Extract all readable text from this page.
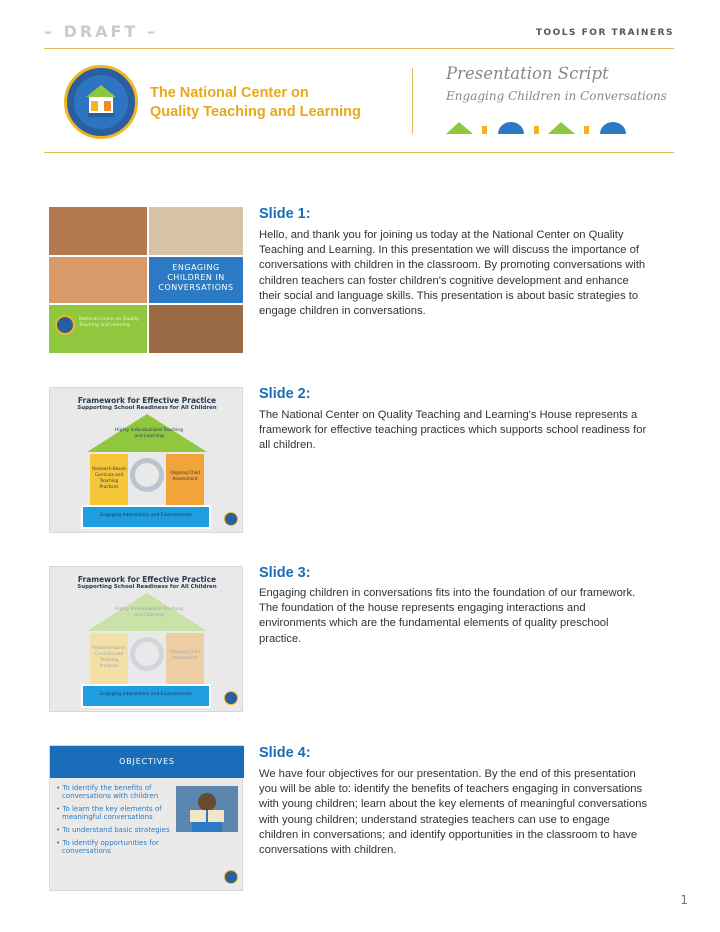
– DRAFT –	TOOLS FOR TRAINERS
The National Center on
Quality Teaching and Learning
Presentation Script
Engaging Children in Conversations
ENGAGING CHILDREN IN CONVERSATIONS
National Center on Quality Teaching and Learning
Slide 1:
Hello, and thank you for joining us today at the National Center on Quality Teaching and Learning. In this presentation we will discuss the importance of conversations with children in the classroom. By promoting conversations with children teachers can foster children's cognitive development and enhance their social and language skills. This presentation is about basic strategies to engage children in conversations.
Framework for Effective Practice
Supporting School Readiness for All Children
Highly Individualized Teaching and Learning
Research-Based Curricula and Teaching Practices
Ongoing Child Assessment
Engaging Interactions and Environments
Slide 2:
The National Center on Quality Teaching and Learning's House represents a framework for effective teaching practices which supports school readiness for all children.
Framework for Effective Practice
Supporting School Readiness for All Children
Highly Individualized Teaching and Learning
Research-Based Curricula and Teaching Practices
Ongoing Child Assessment
Engaging Interactions and Environments
Slide 3:
Engaging children in conversations fits into the foundation of our framework. The foundation of the house represents engaging interactions and environments which are the fundamental elements of quality preschool practice.
OBJECTIVES
• To identify the benefits of conversations with children
• To learn the key elements of meaningful conversations
• To understand basic strategies
• To identify opportunities for conversations
Slide 4:
We have four objectives for our presentation. By the end of this presentation you will be able to: identify the benefits of teachers engaging in conversations with young children; learn about the key elements of meaningful conversations with young children; understand strategies teachers can use to engage children in conversations; and identify opportunities in the classroom to have conversations with children.
1
